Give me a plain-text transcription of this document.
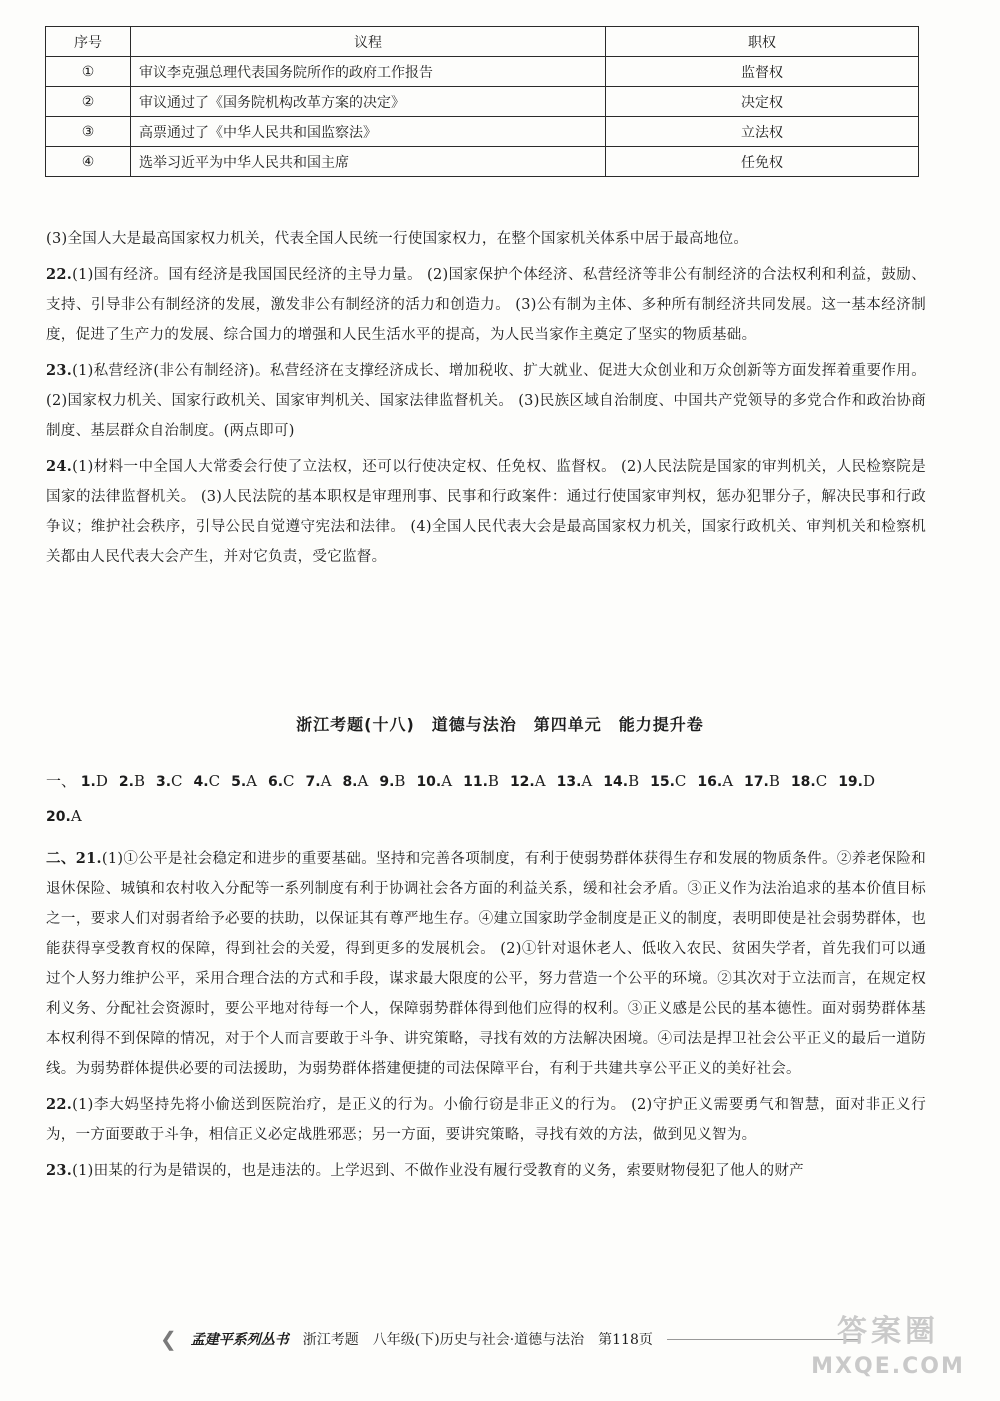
序号	议程	职权
①	审议李克强总理代表国务院所作的政府工作报告	监督权
②	审议通过了《国务院机构改革方案的决定》	决定权
③	高票通过了《中华人民共和国监察法》	立法权
④	选举习近平为中华人民共和国主席	任免权

(3)全国人大是最高国家权力机关，代表全国人民统一行使国家权力，在整个国家机关体系中居于最高地位。

22.(1)国有经济。国有经济是我国国民经济的主导力量。 (2)国家保护个体经济、私营经济等非公有制经济的合法权利和利益，鼓励、支持、引导非公有制经济的发展，激发非公有制经济的活力和创造力。 (3)公有制为主体、多种所有制经济共同发展。这一基本经济制度，促进了生产力的发展、综合国力的增强和人民生活水平的提高，为人民当家作主奠定了坚实的物质基础。

23.(1)私营经济(非公有制经济)。私营经济在支撑经济成长、增加税收、扩大就业、促进大众创业和万众创新等方面发挥着重要作用。 (2)国家权力机关、国家行政机关、国家审判机关、国家法律监督机关。 (3)民族区域自治制度、中国共产党领导的多党合作和政治协商制度、基层群众自治制度。(两点即可)

24.(1)材料一中全国人大常委会行使了立法权，还可以行使决定权、任免权、监督权。 (2)人民法院是国家的审判机关，人民检察院是国家的法律监督机关。 (3)人民法院的基本职权是审理刑事、民事和行政案件：通过行使国家审判权，惩办犯罪分子，解决民事和行政争议；维护社会秩序，引导公民自觉遵守宪法和法律。 (4)全国人民代表大会是最高国家权力机关，国家行政机关、审判机关和检察机关都由人民代表大会产生，并对它负责，受它监督。

浙江考题(十八)　道德与法治　第四单元　能力提升卷
一、 1.D 2.B 3.C 4.C 5.A 6.C 7.A 8.A 9.B 10.A 11.B 12.A 13.A 14.B 15.C 16.A 17.B 18.C 19.D20.A

二、21.(1)①公平是社会稳定和进步的重要基础。坚持和完善各项制度，有利于使弱势群体获得生存和发展的物质条件。②养老保险和退休保险、城镇和农村收入分配等一系列制度有利于协调社会各方面的利益关系，缓和社会矛盾。③正义作为法治追求的基本价值目标之一，要求人们对弱者给予必要的扶助，以保证其有尊严地生存。④建立国家助学金制度是正义的制度，表明即使是社会弱势群体，也能获得享受教育权的保障，得到社会的关爱，得到更多的发展机会。 (2)①针对退休老人、低收入农民、贫困失学者，首先我们可以通过个人努力维护公平，采用合理合法的方式和手段，谋求最大限度的公平，努力营造一个公平的环境。②其次对于立法而言，在规定权利义务、分配社会资源时，要公平地对待每一个人，保障弱势群体得到他们应得的权利。③正义感是公民的基本德性。面对弱势群体基本权利得不到保障的情况，对于个人而言要敢于斗争、讲究策略，寻找有效的方法解决困境。④司法是捍卫社会公平正义的最后一道防线。为弱势群体提供必要的司法援助，为弱势群体搭建便捷的司法保障平台，有利于共建共享公平正义的美好社会。

22.(1)李大妈坚持先将小偷送到医院治疗，是正义的行为。小偷行窃是非正义的行为。 (2)守护正义需要勇气和智慧，面对非正义行为，一方面要敢于斗争，相信正义必定战胜邪恶；另一方面，要讲究策略，寻找有效的方法，做到见义智为。

23.(1)田某的行为是错误的，也是违法的。上学迟到、不做作业没有履行受教育的义务，索要财物侵犯了他人的财产

❮ 孟建平系列丛书 浙江考题　八年级(下)历史与社会·道德与法治 第118页	答案圈
MXQE.COM
